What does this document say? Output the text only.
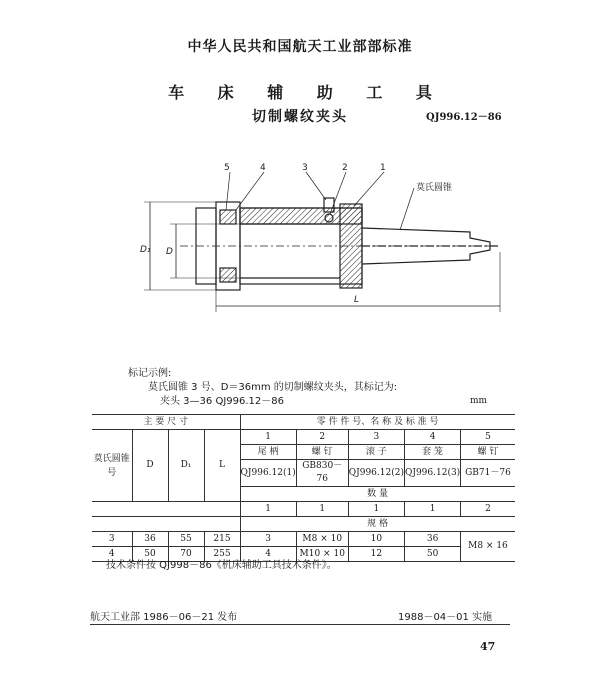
中华人民共和国航天工业部部标准
车 床 辅 助 工 具
切制螺纹夹头	QJ996.12－86
5	4	3	2	1
莫氏圆锥
D₁ D
L
标记示例:
莫氏圆锥 3 号、D＝36mm 的切制螺纹夹头，其标记为:
夹头 3—36 QJ996.12－86	mm
主 要 尺 寸				零 件 件 号、名 称 及 标 准 号				
莫氏圆锥号	D	D₁	L	1	2	3	4	5
				尾 柄	螺 钉	滚 子	套 笼	螺 钉
				QJ996.12(1)	GB830－76	QJ996.12(2)	QJ996.12(3)	GB71－76
				数 量				
				1	1	1	1	2
				规 格				
3	36	55	215	3	M8 × 10	10	36	M8 × 16
4	50	70	255	4	M10 × 10	12	50	
技术条件按 QJ998－86《机床辅助工具技术条件》。
航天工业部 1986－06－21 发布	1988－04－01 实施
47
